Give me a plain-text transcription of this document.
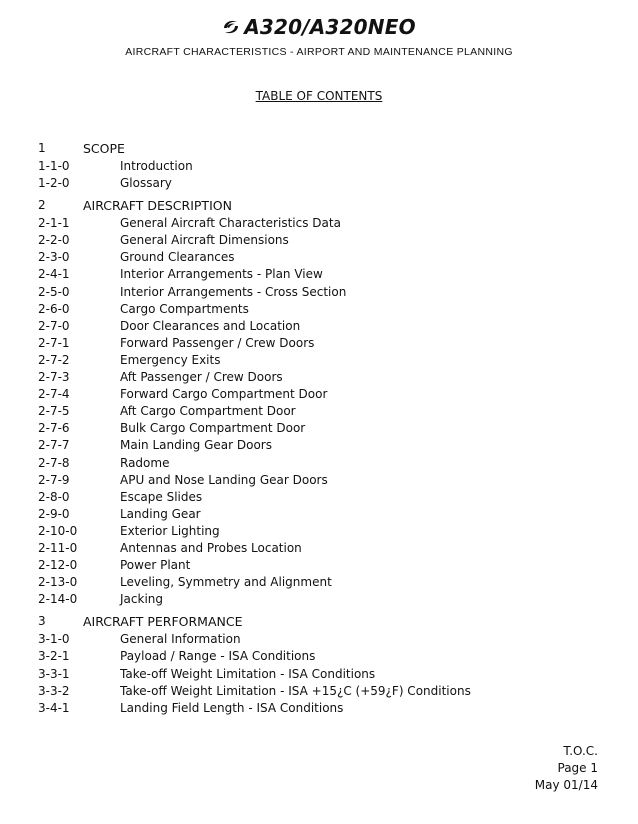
A320/A320NEO
AIRCRAFT CHARACTERISTICS - AIRPORT AND MAINTENANCE PLANNING
TABLE OF CONTENTS
1	SCOPE
1-1-0	Introduction
1-2-0	Glossary
2	AIRCRAFT DESCRIPTION
2-1-1	General Aircraft Characteristics Data
2-2-0	General Aircraft Dimensions
2-3-0	Ground Clearances
2-4-1	Interior Arrangements - Plan View
2-5-0	Interior Arrangements - Cross Section
2-6-0	Cargo Compartments
2-7-0	Door Clearances and Location
2-7-1	Forward Passenger / Crew Doors
2-7-2	Emergency Exits
2-7-3	Aft Passenger / Crew Doors
2-7-4	Forward Cargo Compartment Door
2-7-5	Aft Cargo Compartment Door
2-7-6	Bulk Cargo Compartment Door
2-7-7	Main Landing Gear Doors
2-7-8	Radome
2-7-9	APU and Nose Landing Gear Doors
2-8-0	Escape Slides
2-9-0	Landing Gear
2-10-0	Exterior Lighting
2-11-0	Antennas and Probes Location
2-12-0	Power Plant
2-13-0	Leveling, Symmetry and Alignment
2-14-0	Jacking
3	AIRCRAFT PERFORMANCE
3-1-0	General Information
3-2-1	Payload / Range - ISA Conditions
3-3-1	Take-off Weight Limitation - ISA Conditions
3-3-2	Take-off Weight Limitation - ISA +15¿C (+59¿F) Conditions
3-4-1	Landing Field Length - ISA Conditions
T.O.C.
Page 1
May 01/14
